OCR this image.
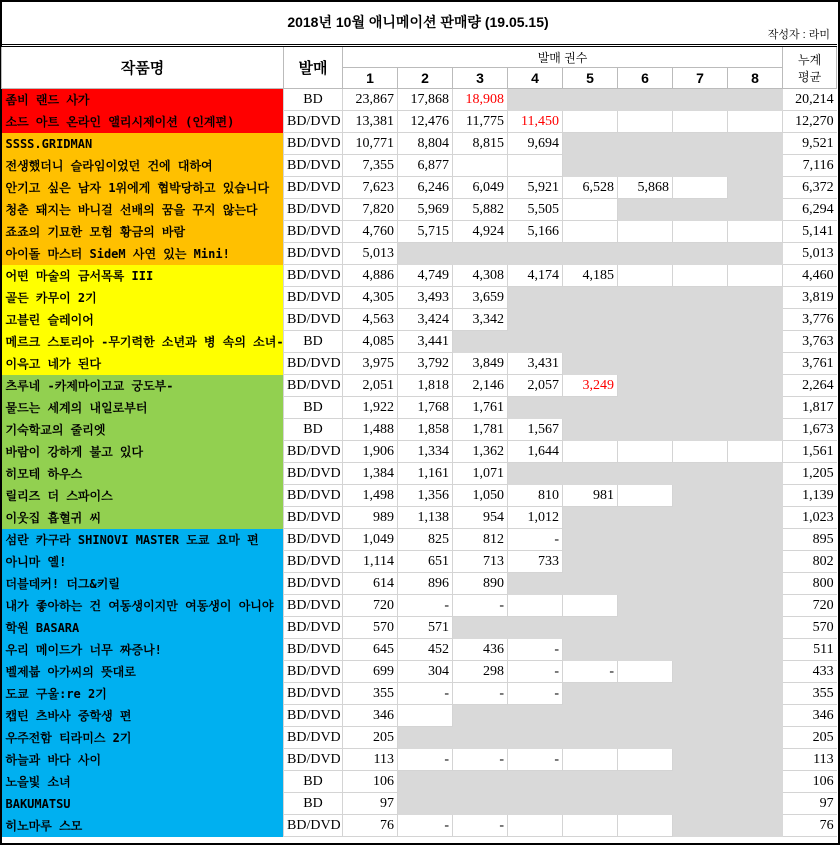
2018년 10월 애니메이션 판매량 (19.05.15)
작성자 : 라미
작품명	발매	발매 권수								누계
평균
		1	2	3	4	5	6	7	8	
좀비 랜드 사가	BD	23,867	17,868	18,908						20,214
소드 아트 온라인 앨리시제이션 (인계편)	BD/DVD	13,381	12,476	11,775	11,450					12,270
SSSS.GRIDMAN	BD/DVD	10,771	8,804	8,815	9,694					9,521
전생했더니 슬라임이었던 건에 대하여	BD/DVD	7,355	6,877							7,116
안기고 싶은 남자 1위에게 협박당하고 있습니다	BD/DVD	7,623	6,246	6,049	5,921	6,528	5,868			6,372
청춘 돼지는 바니걸 선배의 꿈을 꾸지 않는다	BD/DVD	7,820	5,969	5,882	5,505					6,294
죠죠의 기묘한 모험 황금의 바람	BD/DVD	4,760	5,715	4,924	5,166					5,141
아이돌 마스터 SideM 사연 있는 Mini!	BD/DVD	5,013								5,013
어떤 마술의 금서목록 III	BD/DVD	4,886	4,749	4,308	4,174	4,185				4,460
골든 카무이 2기	BD/DVD	4,305	3,493	3,659						3,819
고블린 슬레이어	BD/DVD	4,563	3,424	3,342						3,776
메르크 스토리아 -무기력한 소년과 병 속의 소녀-	BD	4,085	3,441							3,763
이윽고 네가 된다	BD/DVD	3,975	3,792	3,849	3,431					3,761
츠루네 -카제마이고교 궁도부-	BD/DVD	2,051	1,818	2,146	2,057	3,249				2,264
물드는 세계의 내일로부터	BD	1,922	1,768	1,761						1,817
기숙학교의 줄리엣	BD	1,488	1,858	1,781	1,567					1,673
바람이 강하게 불고 있다	BD/DVD	1,906	1,334	1,362	1,644					1,561
히모테 하우스	BD/DVD	1,384	1,161	1,071						1,205
릴리즈 더 스파이스	BD/DVD	1,498	1,356	1,050	810	981				1,139
이웃집 흡혈귀 씨	BD/DVD	989	1,138	954	1,012					1,023
섬란 카구라 SHINOVI MASTER 도쿄 요마 편	BD/DVD	1,049	825	812	-					895
아니마 옐!	BD/DVD	1,114	651	713	733					802
더블데커! 더그&키릴	BD/DVD	614	896	890						800
내가 좋아하는 건 여동생이지만 여동생이 아니야	BD/DVD	720	-	-						720
학원 BASARA	BD/DVD	570	571							570
우리 메이드가 너무 짜증나!	BD/DVD	645	452	436	-					511
벨제붑 아가씨의 뜻대로	BD/DVD	699	304	298	-	-				433
도쿄 구울:re 2기	BD/DVD	355	-	-	-					355
캡틴 츠바사 중학생 편	BD/DVD	346								346
우주전함 티라미스 2기	BD/DVD	205								205
하늘과 바다 사이	BD/DVD	113	-	-	-					113
노을빛 소녀	BD	106								106
BAKUMATSU	BD	97								97
히노마루 스모	BD/DVD	76	-	-						76
